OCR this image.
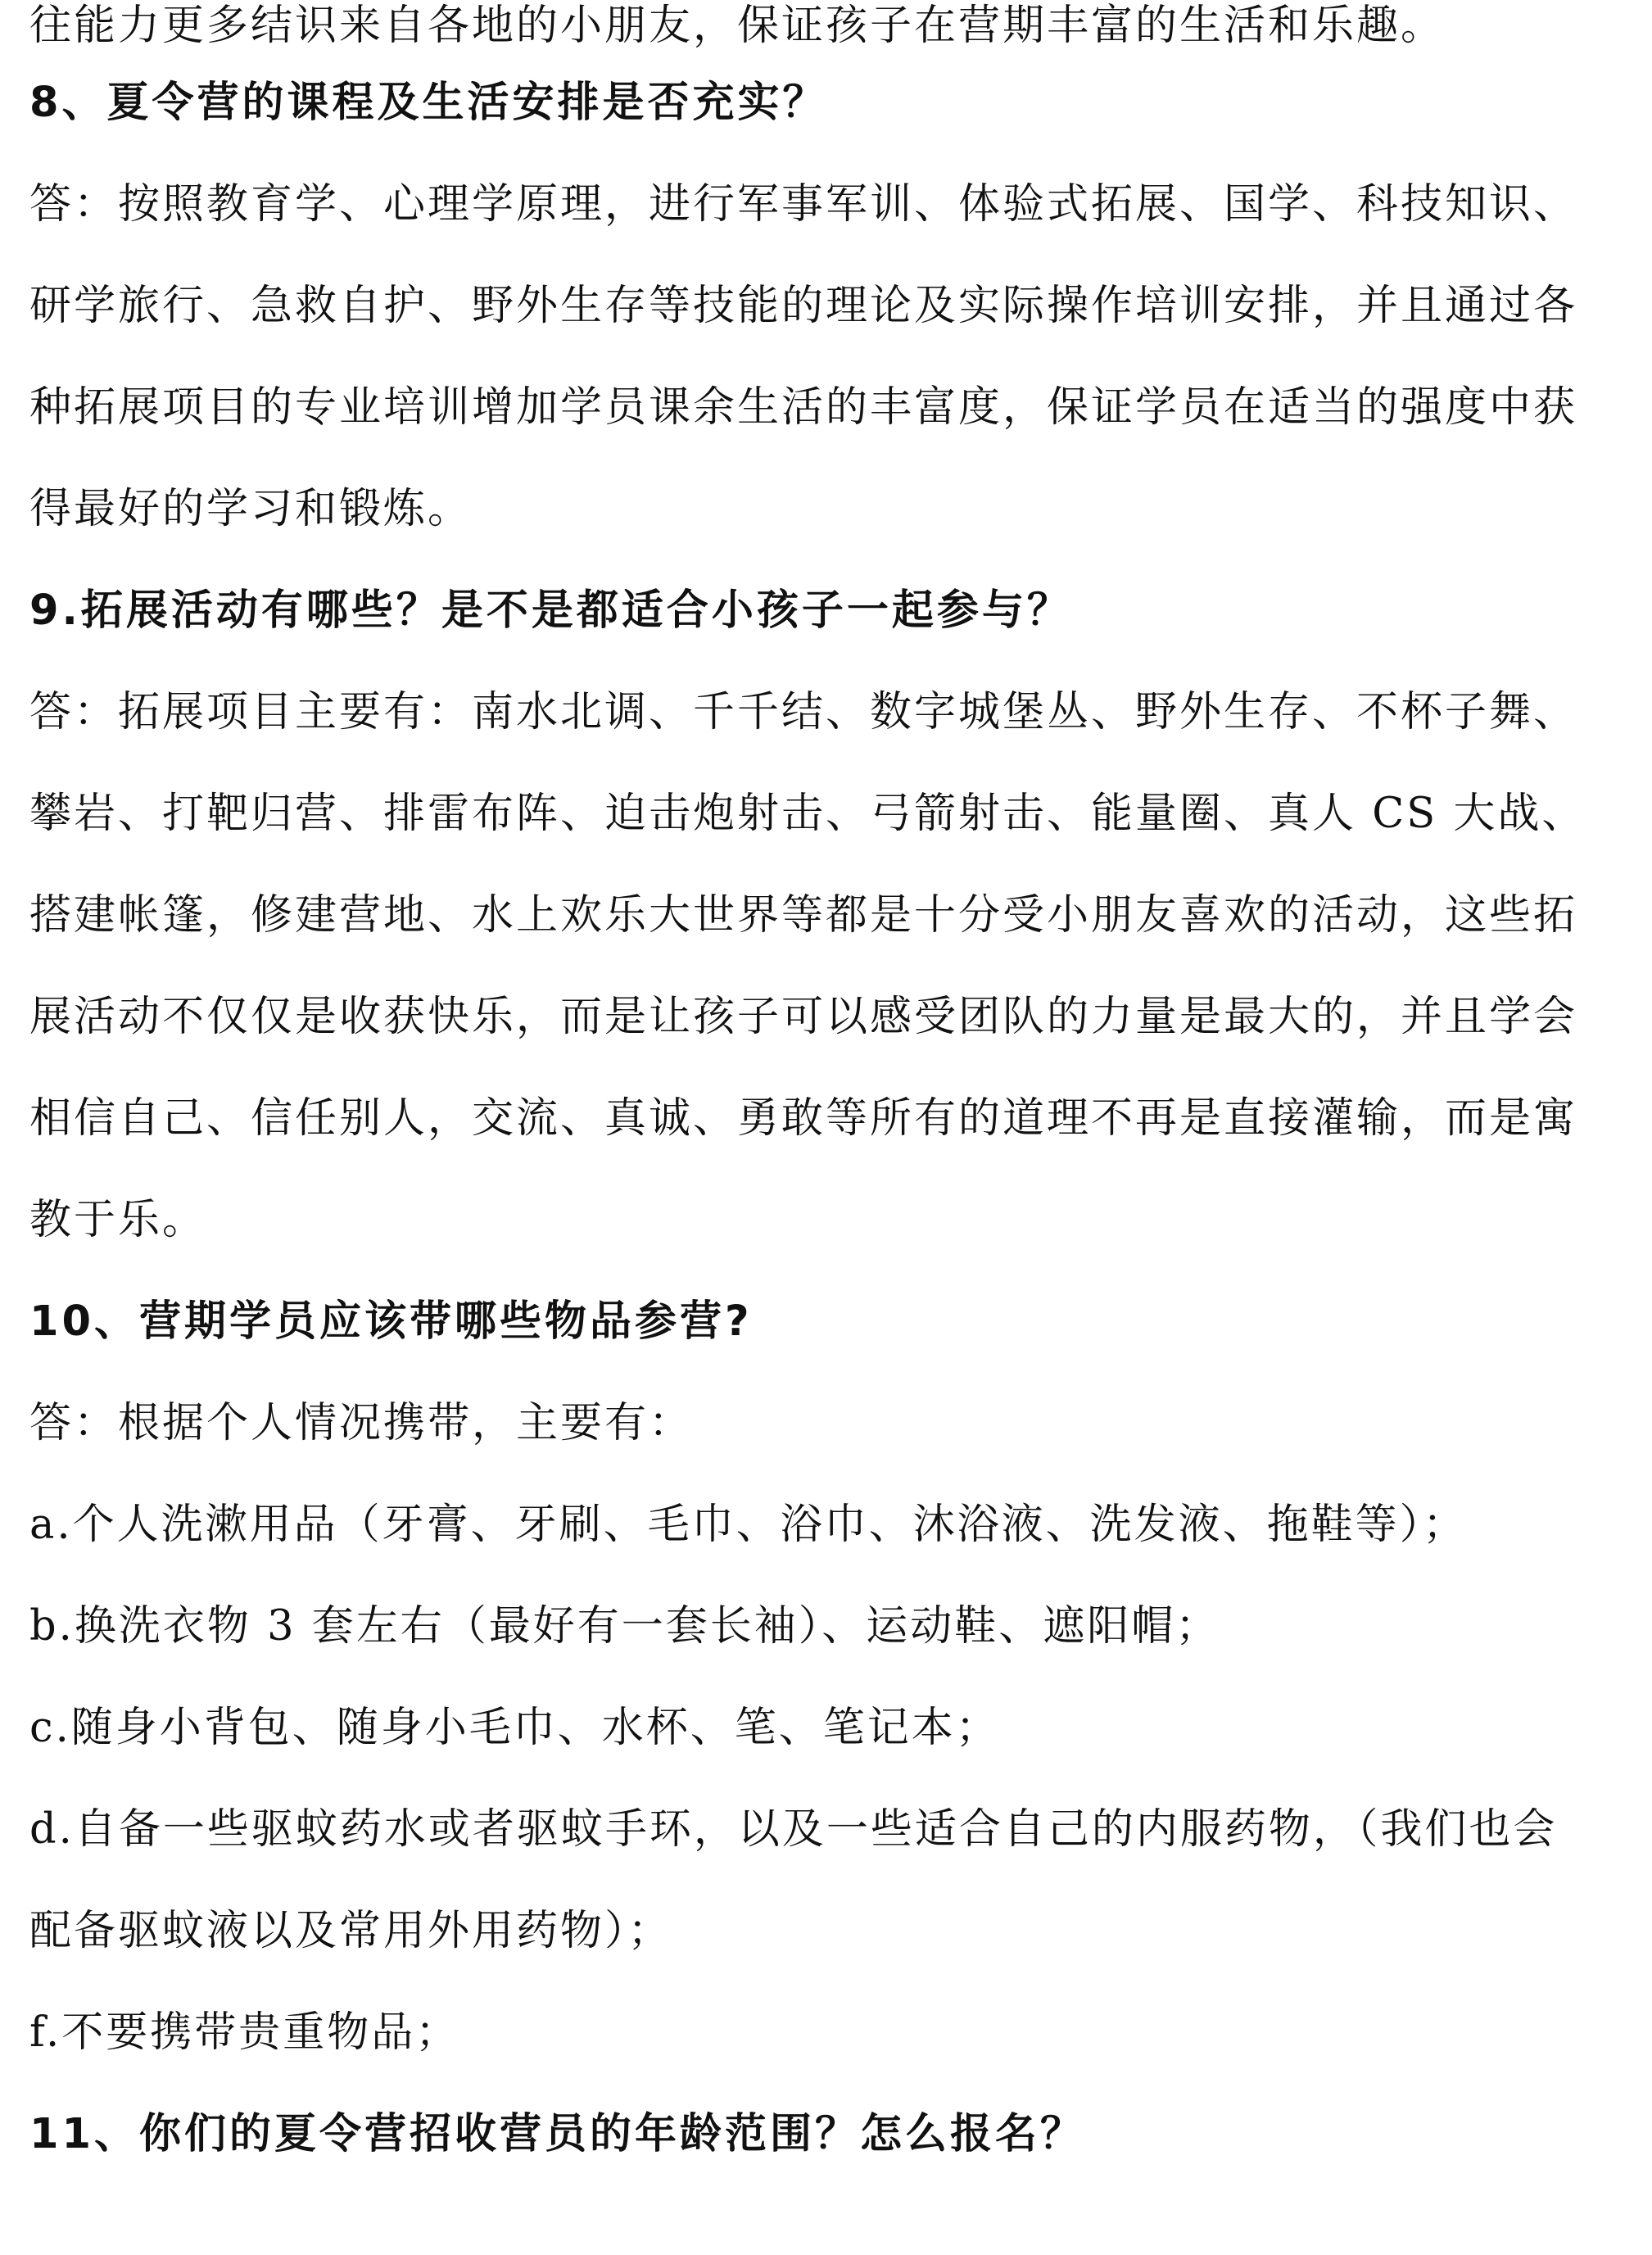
往能力更多结识来自各地的小朋友，保证孩子在营期丰富的生活和乐趣。
8、夏令营的课程及生活安排是否充实？
答：按照教育学、心理学原理，进行军事军训、体验式拓展、国学、科技知识、
研学旅行、急救自护、野外生存等技能的理论及实际操作培训安排，并且通过各
种拓展项目的专业培训增加学员课余生活的丰富度，保证学员在适当的强度中获
得最好的学习和锻炼。
9.拓展活动有哪些？是不是都适合小孩子一起参与？
答：拓展项目主要有：南水北调、千千结、数字城堡丛、野外生存、不杯子舞、
攀岩、打靶归营、排雷布阵、迫击炮射击、弓箭射击、能量圈、真人 CS 大战、
搭建帐篷，修建营地、水上欢乐大世界等都是十分受小朋友喜欢的活动，这些拓
展活动不仅仅是收获快乐，而是让孩子可以感受团队的力量是最大的，并且学会
相信自己、信任别人，交流、真诚、勇敢等所有的道理不再是直接灌输，而是寓
教于乐。
10、营期学员应该带哪些物品参营?
答：根据个人情况携带，主要有：
a.个人洗漱用品（牙膏、牙刷、毛巾、浴巾、沐浴液、洗发液、拖鞋等）；
b.换洗衣物 3 套左右（最好有一套长袖）、运动鞋、遮阳帽；
c.随身小背包、随身小毛巾、水杯、笔、笔记本；
d.自备一些驱蚊药水或者驱蚊手环，以及一些适合自己的内服药物，（我们也会
配备驱蚊液以及常用外用药物）；
f.不要携带贵重物品；
11、你们的夏令营招收营员的年龄范围？怎么报名？
